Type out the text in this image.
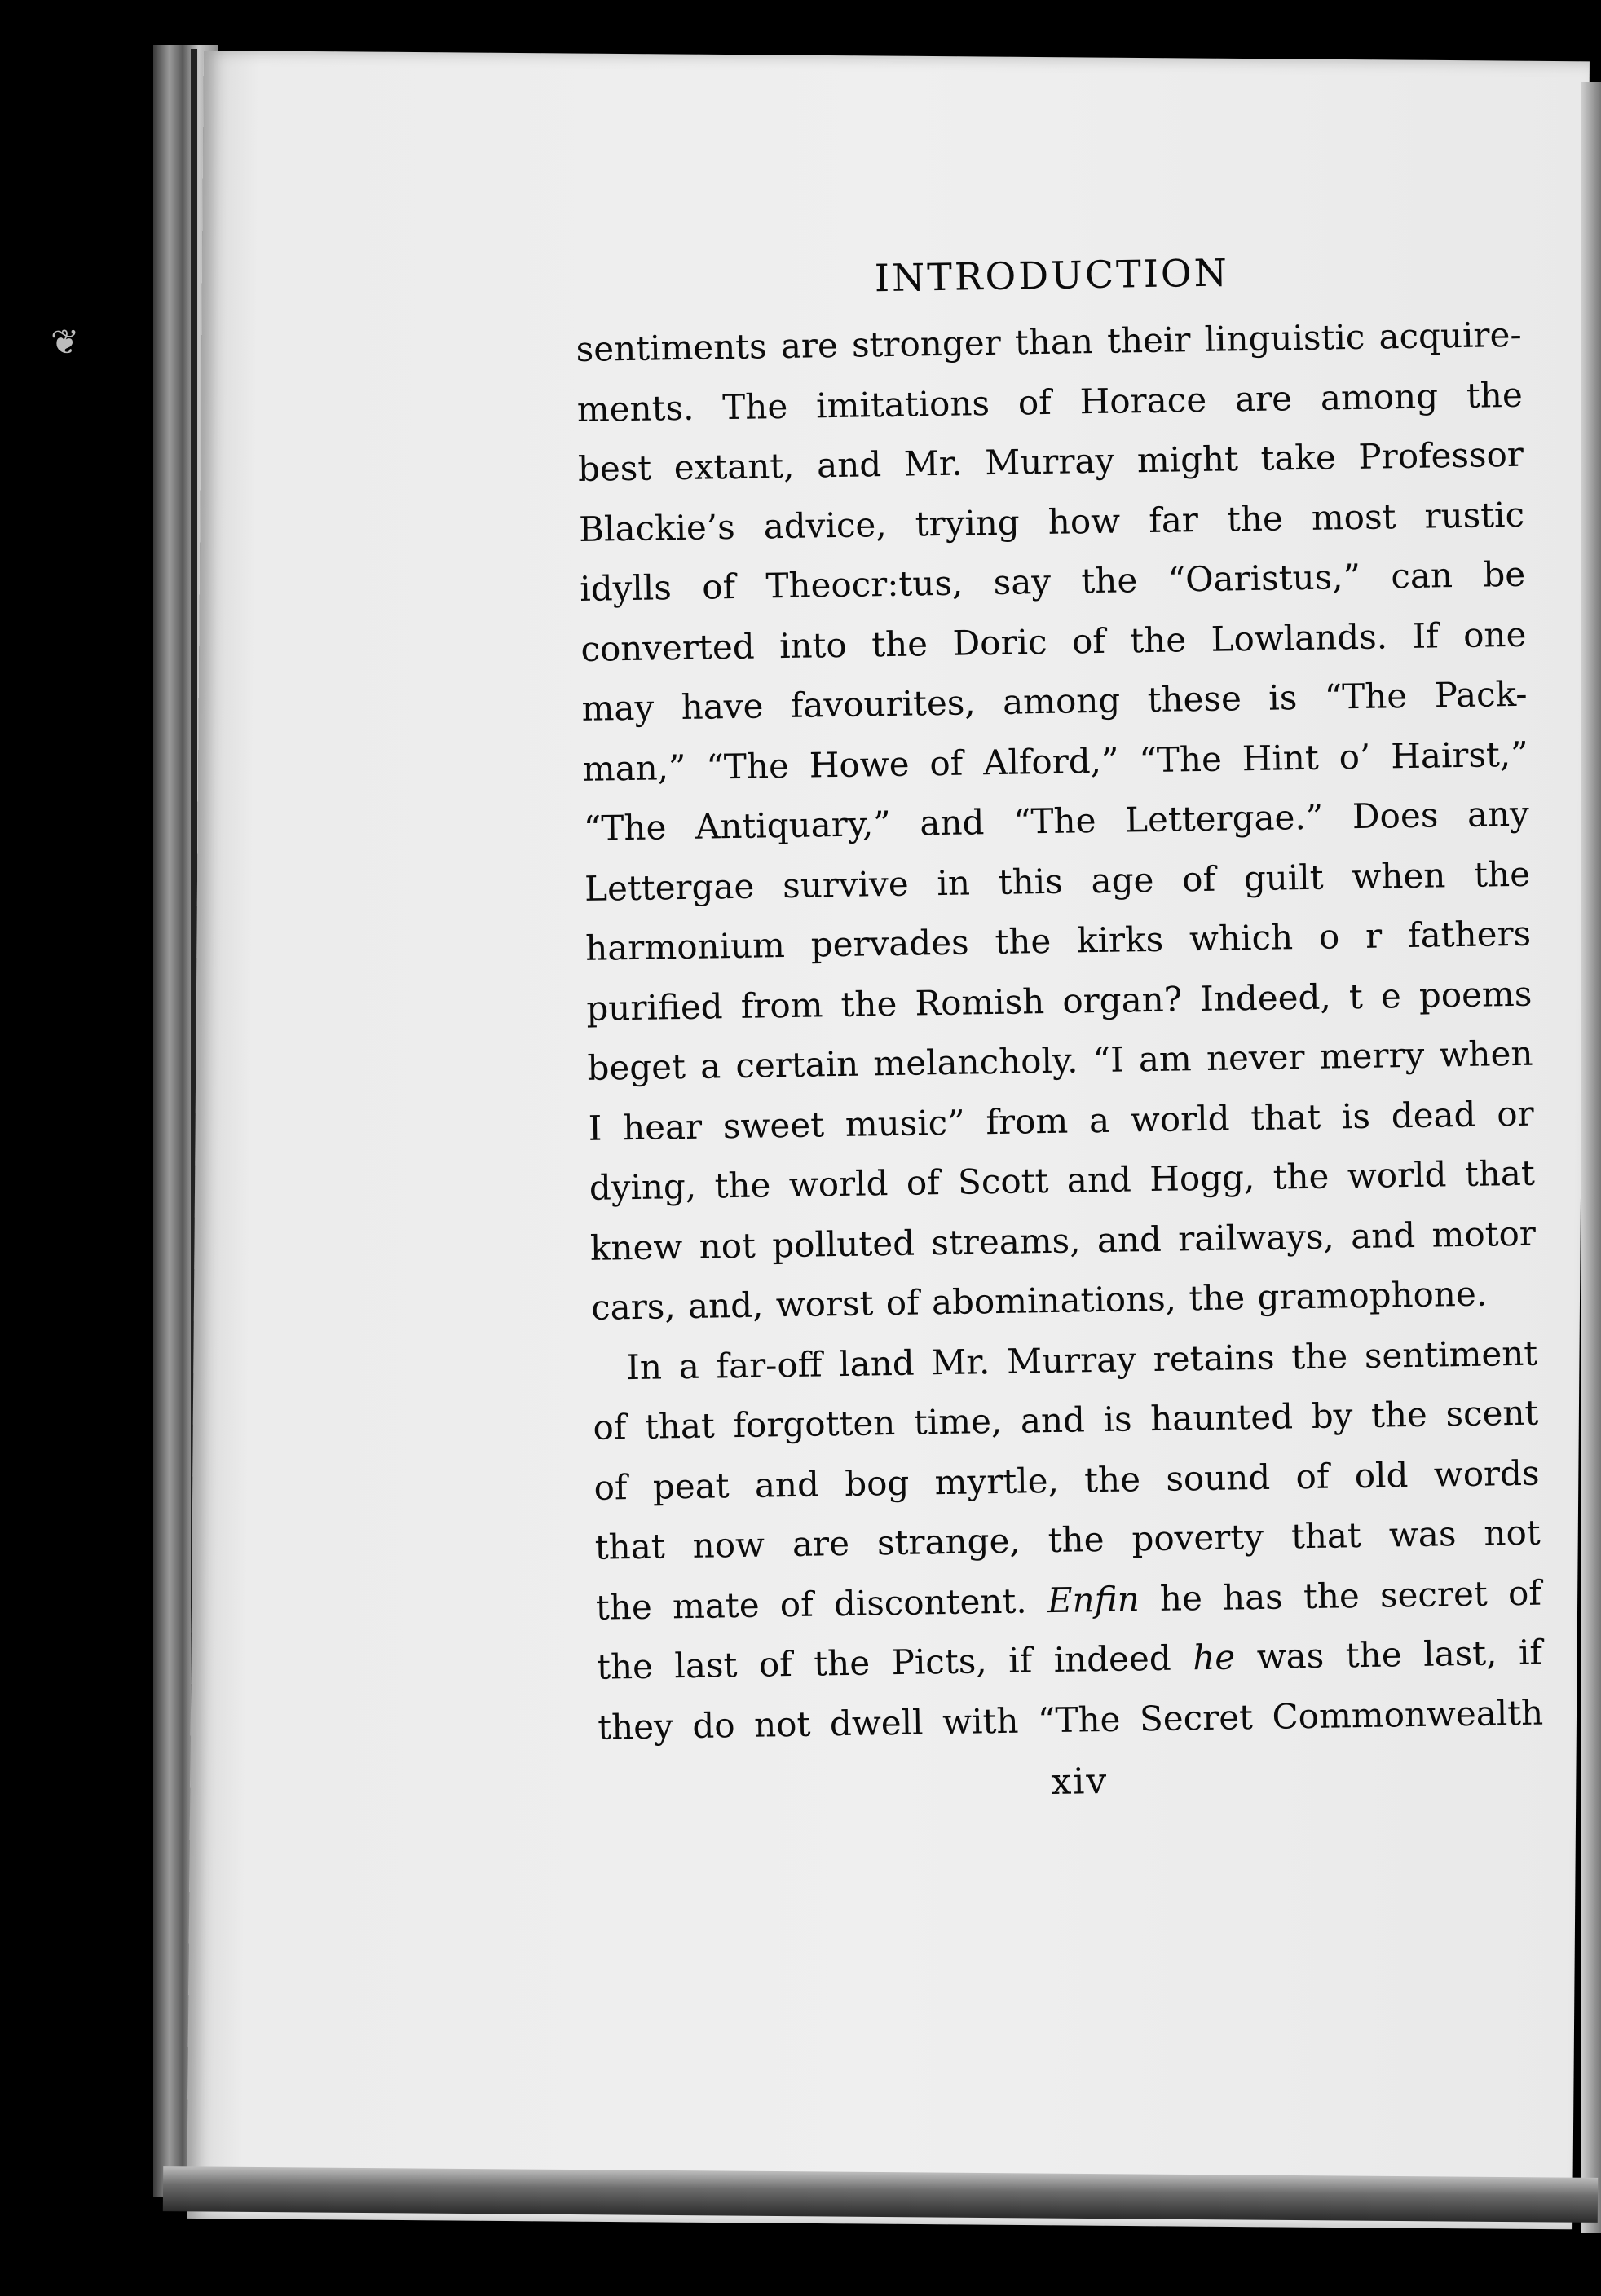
❦
INTRODUCTION
sentiments are stronger than their linguistic acquire-
ments. The imitations of Horace are among the
best extant, and Mr. Murray might take Professor
Blackie’s advice, trying how far the most rustic
idylls of Theocr:tus, say the “Oaristus,” can be
converted into the Doric of the Lowlands. If one
may have favourites, among these is “The Pack-
man,” “The Howe of Alford,” “The Hint o’ Hairst,”
“The Antiquary,” and “The Lettergae.” Does any
Lettergae survive in this age of guilt when the
harmonium pervades the kirks which o r fathers
purified from the Romish organ? Indeed, t e poems
beget a certain melancholy. “I am never merry when
I hear sweet music” from a world that is dead or
dying, the world of Scott and Hogg, the world that
knew not polluted streams, and railways, and motor
cars, and, worst of abominations, the gramophone.
In a far-off land Mr. Murray retains the sentiment
of that forgotten time, and is haunted by the scent
of peat and bog myrtle, the sound of old words
that now are strange, the poverty that was not
the mate of discontent. Enfin he has the secret of
the last of the Picts, if indeed he was the last, if
they do not dwell with “The Secret Commonwealth
xiv
